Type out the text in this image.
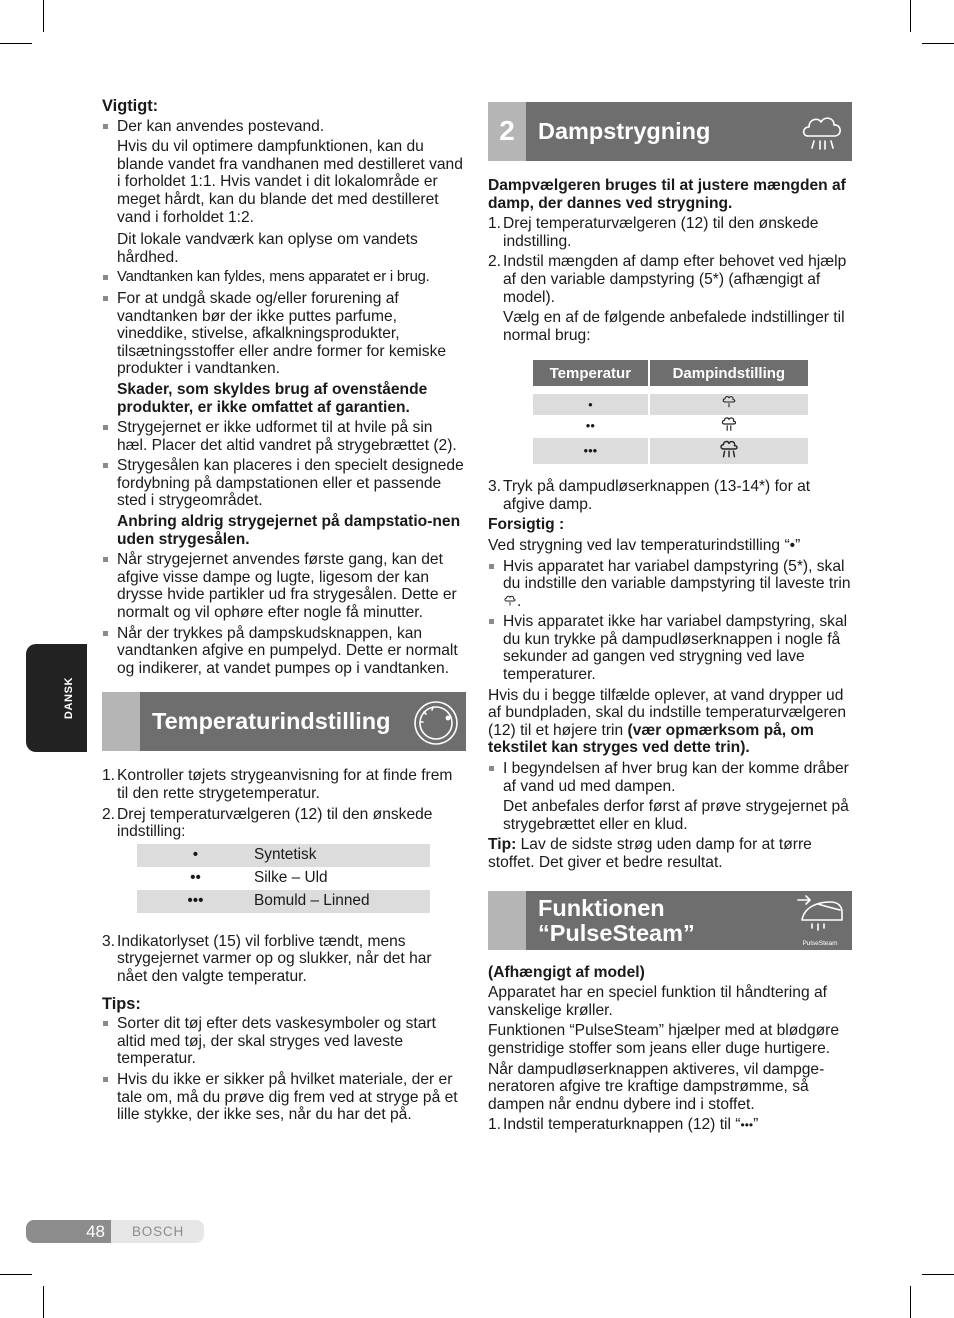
DANSK
Vigtigt:

Der kan anvendes postevand.

Hvis du vil optimere dampfunktionen, kan du blande vandet fra vandhanen med destilleret vand i forholdet 1:1. Hvis vandet i dit lokalområde er meget hårdt, kan du blande det med destilleret vand i forholdet 1:2.

Dit lokale vandværk kan oplyse om vandets hårdhed.

Vandtanken kan fyldes, mens apparatet er i brug.

For at undgå skade og/eller forurening af vandtanken bør der ikke puttes parfume, vineddike, stivelse, afkalkningsprodukter, tilsætningsstoffer eller andre former for kemiske produkter i vandtanken.

Skader, som skyldes brug af ovenstående produkter, er ikke omfattet af garantien.

Strygejernet er ikke udformet til at hvile på sin hæl. Placer det altid vandret på strygebrættet (2).

Strygesålen kan placeres i den specielt designede fordybning på dampstationen eller et passende sted i strygeområdet.

Anbring aldrig strygejernet på dampstatio-nen uden strygesålen.

Når strygejernet anvendes første gang, kan det afgive visse dampe og lugte, ligesom der kan drysse hvide partikler ud fra strygesålen. Dette er normalt og vil ophøre efter nogle få minutter.

Når der trykkes på dampskudsknappen, kan vandtanken afgive en pumpelyd. Dette er normalt og indikerer, at vandet pumpes op i vandtanken.

Temperaturindstilling
1. Kontroller tøjets strygeanvisning for at finde frem til den rette strygetemperatur.

2. Drej temperaturvælgeren (12) til den ønskede indstilling:

•	Syntetisk
••	Silke – Uld
•••	Bomuld – Linned
3. Indikatorlyset (15) vil forblive tændt, mens strygejernet varmer op og slukker, når det har nået den valgte temperatur.

Tips:

Sorter dit tøj efter dets vaskesymboler og start altid med tøj, der skal stryges ved laveste temperatur.

Hvis du ikke er sikker på hvilket materiale, der er tale om, må du prøve dig frem ved at stryge på et lille stykke, der ikke ses, når du har det på.

2 Dampstrygning

Dampvælgeren bruges til at justere mængden af damp, der dannes ved strygning.

1. Drej temperaturvælgeren (12) til den ønskede indstilling.

2. Indstil mængden af damp efter behovet ved hjælp af den variable dampstyring (5*) (afhængigt af model).

Vælg en af de følgende anbefalede indstillinger til normal brug:

Temperatur	Dampindstilling
•	
••	
•••	
3. Tryk på dampudløserknappen (13-14*) for at afgive damp.

Forsigtig :

Ved strygning ved lav temperaturindstilling “•”

Hvis apparatet har variabel dampstyring (5*), skal du indstille den variable dampstyring til laveste trin .

Hvis apparatet ikke har variabel dampstyring, skal du kun trykke på dampudløserknappen i nogle få sekunder ad gangen ved strygning ved lave temperaturer.

Hvis du i begge tilfælde oplever, at vand drypper ud af bundpladen, skal du indstille temperaturvælgeren (12) til et højere trin (vær opmærksom på, om tekstilet kan stryges ved dette trin).

I begyndelsen af hver brug kan der komme dråber af vand ud med dampen.

Det anbefales derfor først af prøve strygejernet på strygebrættet eller en klud.

Tip: Lav de sidste strøg uden damp for at tørre stoffet. Det giver et bedre resultat.

Funktionen
“PulseSteam”	PulseSteam

(Afhængigt af model)

Apparatet har en speciel funktion til håndtering af vanskelige krøller.

Funktionen “PulseSteam” hjælper med at blødgøre genstridige stoffer som jeans eller duge hurtigere.

Når dampudløserknappen aktiveres, vil dampge-neratoren afgive tre kraftige dampstrømme, så dampen når endnu dybere ind i stoffet.

1. Indstil temperaturknappen (12) til “•••”

48	BOSCH
